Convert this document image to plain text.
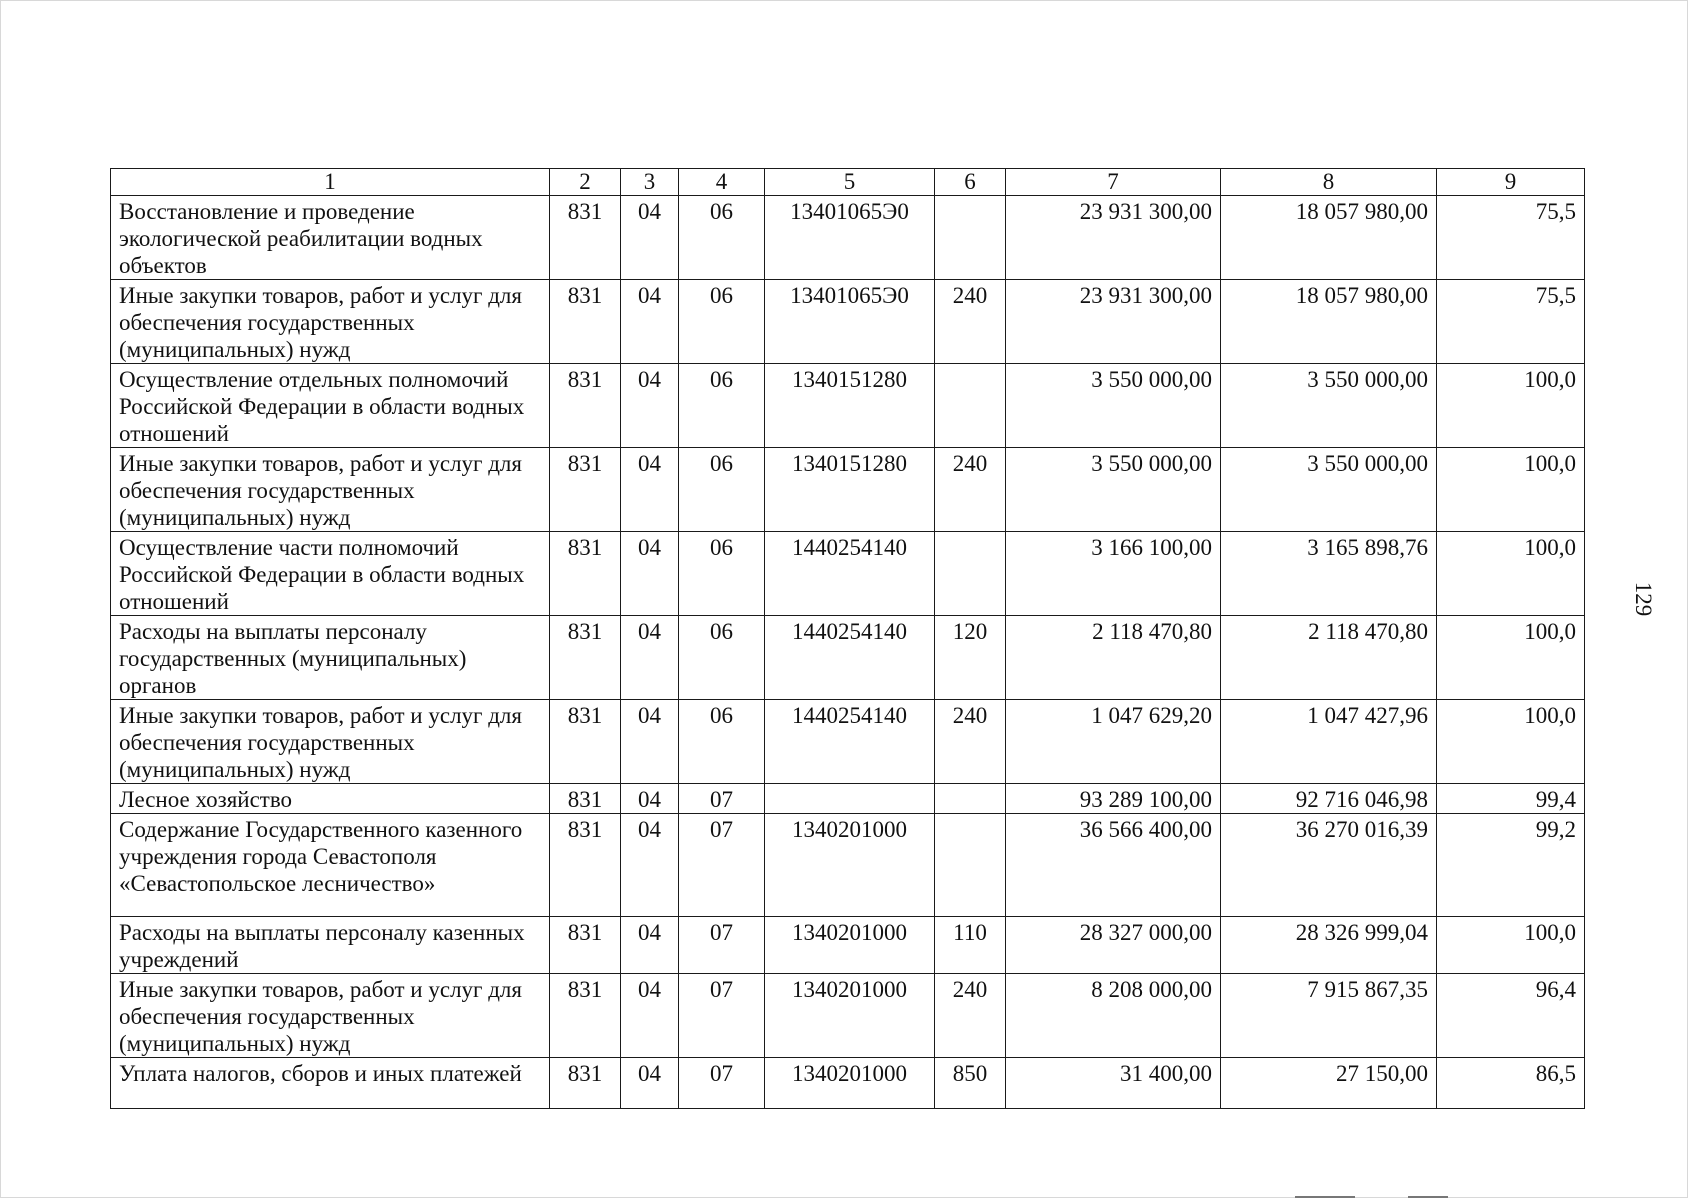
1	2	3	4	5	6	7	8	9
Восстановление и проведение экологической реабилитации водных объектов	831	04	06	13401065Э0		23 931 300,00	18 057 980,00	75,5
Иные закупки товаров, работ и услуг для обеспечения государственных (муниципальных) нужд	831	04	06	13401065Э0	240	23 931 300,00	18 057 980,00	75,5
Осуществление отдельных полномочий Российской Федерации в области водных отношений	831	04	06	1340151280		3 550 000,00	3 550 000,00	100,0
Иные закупки товаров, работ и услуг для обеспечения государственных (муниципальных) нужд	831	04	06	1340151280	240	3 550 000,00	3 550 000,00	100,0
Осуществление части полномочий Российской Федерации в области водных отношений	831	04	06	1440254140		3 166 100,00	3 165 898,76	100,0
Расходы на выплаты персоналу государственных (муниципальных) органов	831	04	06	1440254140	120	2 118 470,80	2 118 470,80	100,0
Иные закупки товаров, работ и услуг для обеспечения государственных (муниципальных) нужд	831	04	06	1440254140	240	1 047 629,20	1 047 427,96	100,0
Лесное хозяйство	831	04	07			93 289 100,00	92 716 046,98	99,4
Содержание Государственного казенного учреждения города Севастополя «Севастопольское лесничество»	831	04	07	1340201000		36 566 400,00	36 270 016,39	99,2
Расходы на выплаты персоналу казенных учреждений	831	04	07	1340201000	110	28 327 000,00	28 326 999,04	100,0
Иные закупки товаров, работ и услуг для обеспечения государственных (муниципальных) нужд	831	04	07	1340201000	240	8 208 000,00	7 915 867,35	96,4
Уплата налогов, сборов и иных платежей	831	04	07	1340201000	850	31 400,00	27 150,00	86,5
129
